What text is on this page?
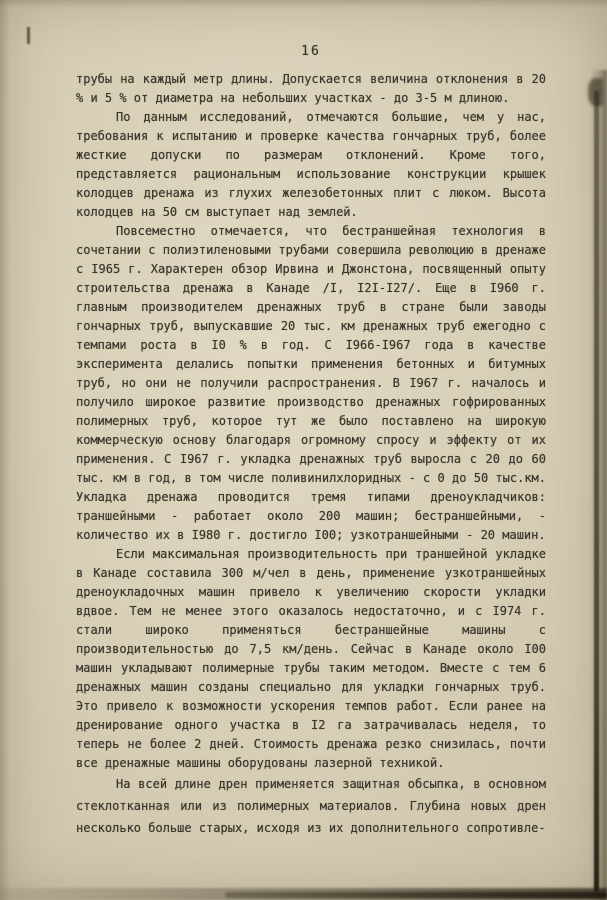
16

трубы на каждый метр длины. Допускается величина отклонения в 20 % и 5 % от диаметра на небольших участках - до 3-5 м длиною.

По данным исследований, отмечаются большие, чем у нас, требования к испытанию и проверке качества гончарных труб, более жесткие допуски по размерам отклонений. Кроме того, представляется рациональным использование конструкции крышек колодцев дренажа из глухих железобетонных плит с люком. Высота колодцев на 50 см выступает над землей.

Повсеместно отмечается, что бестраншейная технология в сочетании с полиэтиленовыми трубами совершила революцию в дренаже с I965 г. Характерен обзор Ирвина и Джонстона, посвященный опыту строительства дренажа в Канаде /I, I2I-I27/. Еще в I960 г. главным производителем дренажных труб в стране были заводы гончарных труб, выпускавшие 20 тыс. км дренажных труб ежегодно с темпами роста в I0 % в год. С I966-I967 года в качестве эксперимента делались попытки применения бетонных и битумных труб, но они не получили распространения. В I967 г. началось и получило широкое развитие производство дренажных гофрированных полимерных труб, которое тут же было поставлено на широкую коммерческую основу благодаря огромному спросу и эффекту от их применения. С I967 г. укладка дренажных труб выросла с 20 до 60 тыс. км в год, в том числе поливинилхлоридных - с 0 до 50 тыс.км. Укладка дренажа проводится тремя типами дреноукладчиков: траншейными - работает около 200 машин; бестраншейными, - количество их в I980 г. достигло I00; узкотраншейными - 20 машин.

Если максимальная производительность при траншейной укладке в Канаде составила 300 м/чел в день, применение узкотраншейных дреноукладочных машин привело к увеличению скорости укладки вдвое. Тем не менее этого оказалось недостаточно, и с I974 г. стали широко применяться бестраншейные машины с производительностью до 7,5 км/день. Сейчас в Канаде около I00 машин укладывают полимерные трубы таким методом. Вместе с тем 6 дренажных машин созданы специально для укладки гончарных труб. Это привело к возможности ускорения темпов работ. Если ранее на дренирование одного участка в I2 га затрачивалась неделя, то теперь не более 2 дней. Стоимость дренажа резко снизилась, почти все дренажные машины оборудованы лазерной техникой.

На всей длине дрен применяется защитная обсыпка, в основном стеклотканная или из полимерных материалов. Глубина новых дрен несколько больше старых, исходя из их дополнительного сопротивле-
